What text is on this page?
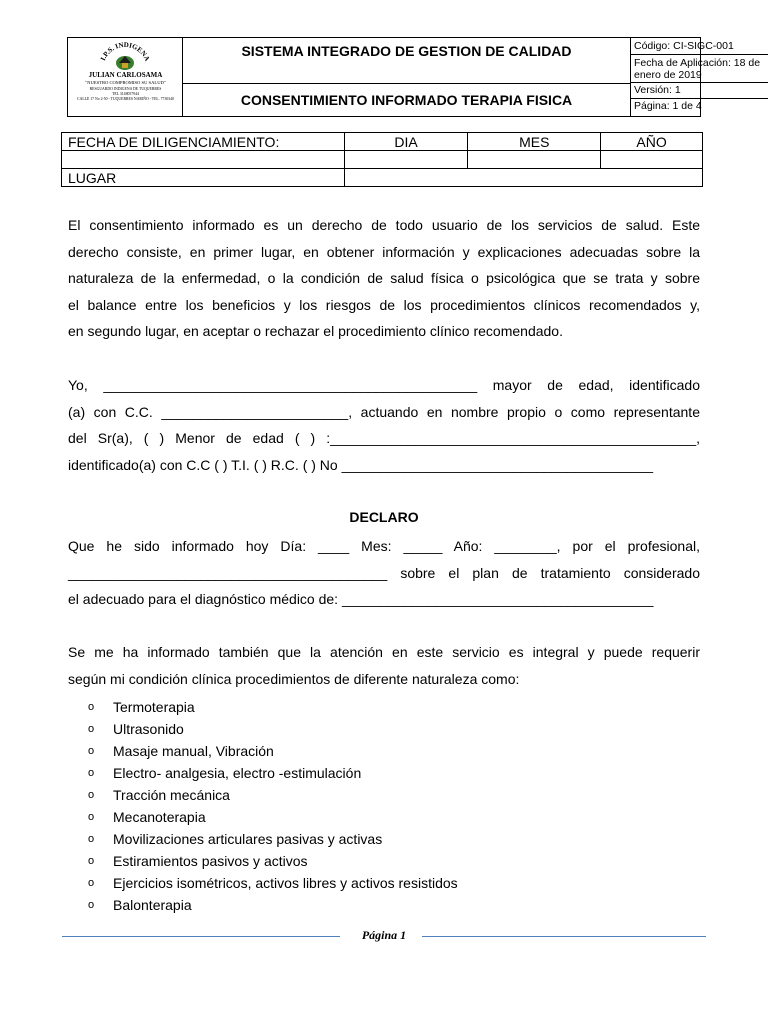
I.P.S. INDIGENA
JULIAN CARLOSAMA
"NUESTRO COMPROMISO SU SALUD"
RESGUARDO INDIGENA DE TUQUERRES
TEL 3148057944
CALLE 17 No 2-50 - TUQUERRES NARIÑO - TEL. 7730340
SISTEMA INTEGRADO DE GESTION DE CALIDAD
CONSENTIMIENTO INFORMADO TERAPIA FISICA
Código: CI-SIGC-001
Fecha de Aplicación: 18 de enero de 2019
Versión: 1
Página: 1 de 4
FECHA DE DILIGENCIAMIENTO:	DIA	MES	AÑO

LUGAR			
El consentimiento informado es un derecho de todo usuario de los servicios de salud. Este
derecho consiste, en primer lugar, en obtener información y explicaciones adecuadas sobre la
naturaleza de la enfermedad, o la condición de salud física o psicológica que se trata y sobre
el balance entre los beneficios y los riesgos de los procedimientos clínicos recomendados y,
en segundo lugar, en aceptar o rechazar el procedimiento clínico recomendado.
Yo, ________________________________________________ mayor de edad, identificado
(a) con C.C. ________________________, actuando en nombre propio o como representante
del Sr(a), ( ) Menor de edad ( ) :_______________________________________________,
identificado(a) con C.C ( ) T.I. ( ) R.C. ( ) No ________________________________________
DECLARO
Que he sido informado hoy Día: ____ Mes: _____ Año: ________, por el profesional,
_________________________________________ sobre el plan de tratamiento considerado
el adecuado para el diagnóstico médico de: ________________________________________
Se me ha informado también que la atención en este servicio es integral y puede requerir
según mi condición clínica procedimientos de diferente naturaleza como:
o	Termoterapia
o	Ultrasonido
o	Masaje manual, Vibración
o	Electro- analgesia, electro -estimulación
o	Tracción mecánica
o	Mecanoterapia
o	Movilizaciones articulares pasivas y activas
o	Estiramientos pasivos y activos
o	Ejercicios isométricos, activos libres y activos resistidos
o	Balonterapia
Página 1
